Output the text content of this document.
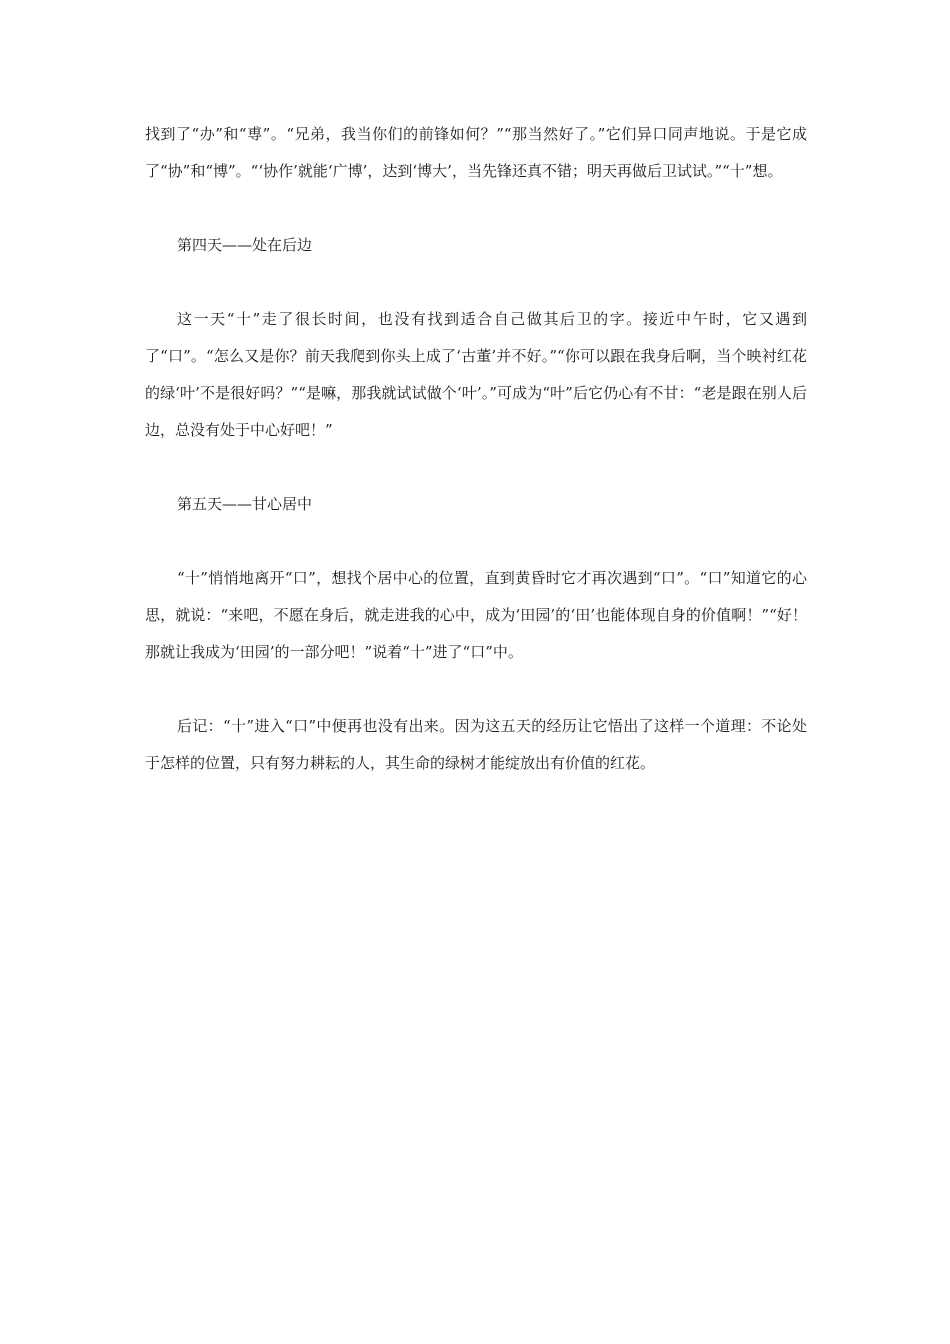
找到了“办”和“尃”。“兄弟，我当你们的前锋如何？”“那当然好了。”它们异口同声地说。于是它成了“协”和“博”。“‘协作’就能‘广博’，达到‘博大’，当先锋还真不错；明天再做后卫试试。”“十”想。

第四天——处在后边

这一天“十”走了很长时间，也没有找到适合自己做其后卫的字。接近中午时，它又遇到了“口”。“怎么又是你？前天我爬到你头上成了‘古董’并不好。”“你可以跟在我身后啊，当个映衬红花的绿‘叶’不是很好吗？”“是嘛，那我就试试做个‘叶’。”可成为“叶”后它仍心有不甘：“老是跟在别人后边，总没有处于中心好吧！”

第五天——甘心居中

“十”悄悄地离开“口”，想找个居中心的位置，直到黄昏时它才再次遇到“口”。“口”知道它的心思，就说：“来吧，不愿在身后，就走进我的心中，成为‘田园’的‘田’也能体现自身的价值啊！”“好！那就让我成为‘田园’的一部分吧！”说着“十”进了“口”中。

后记：“十”进入“口”中便再也没有出来。因为这五天的经历让它悟出了这样一个道理：不论处于怎样的位置，只有努力耕耘的人，其生命的绿树才能绽放出有价值的红花。
